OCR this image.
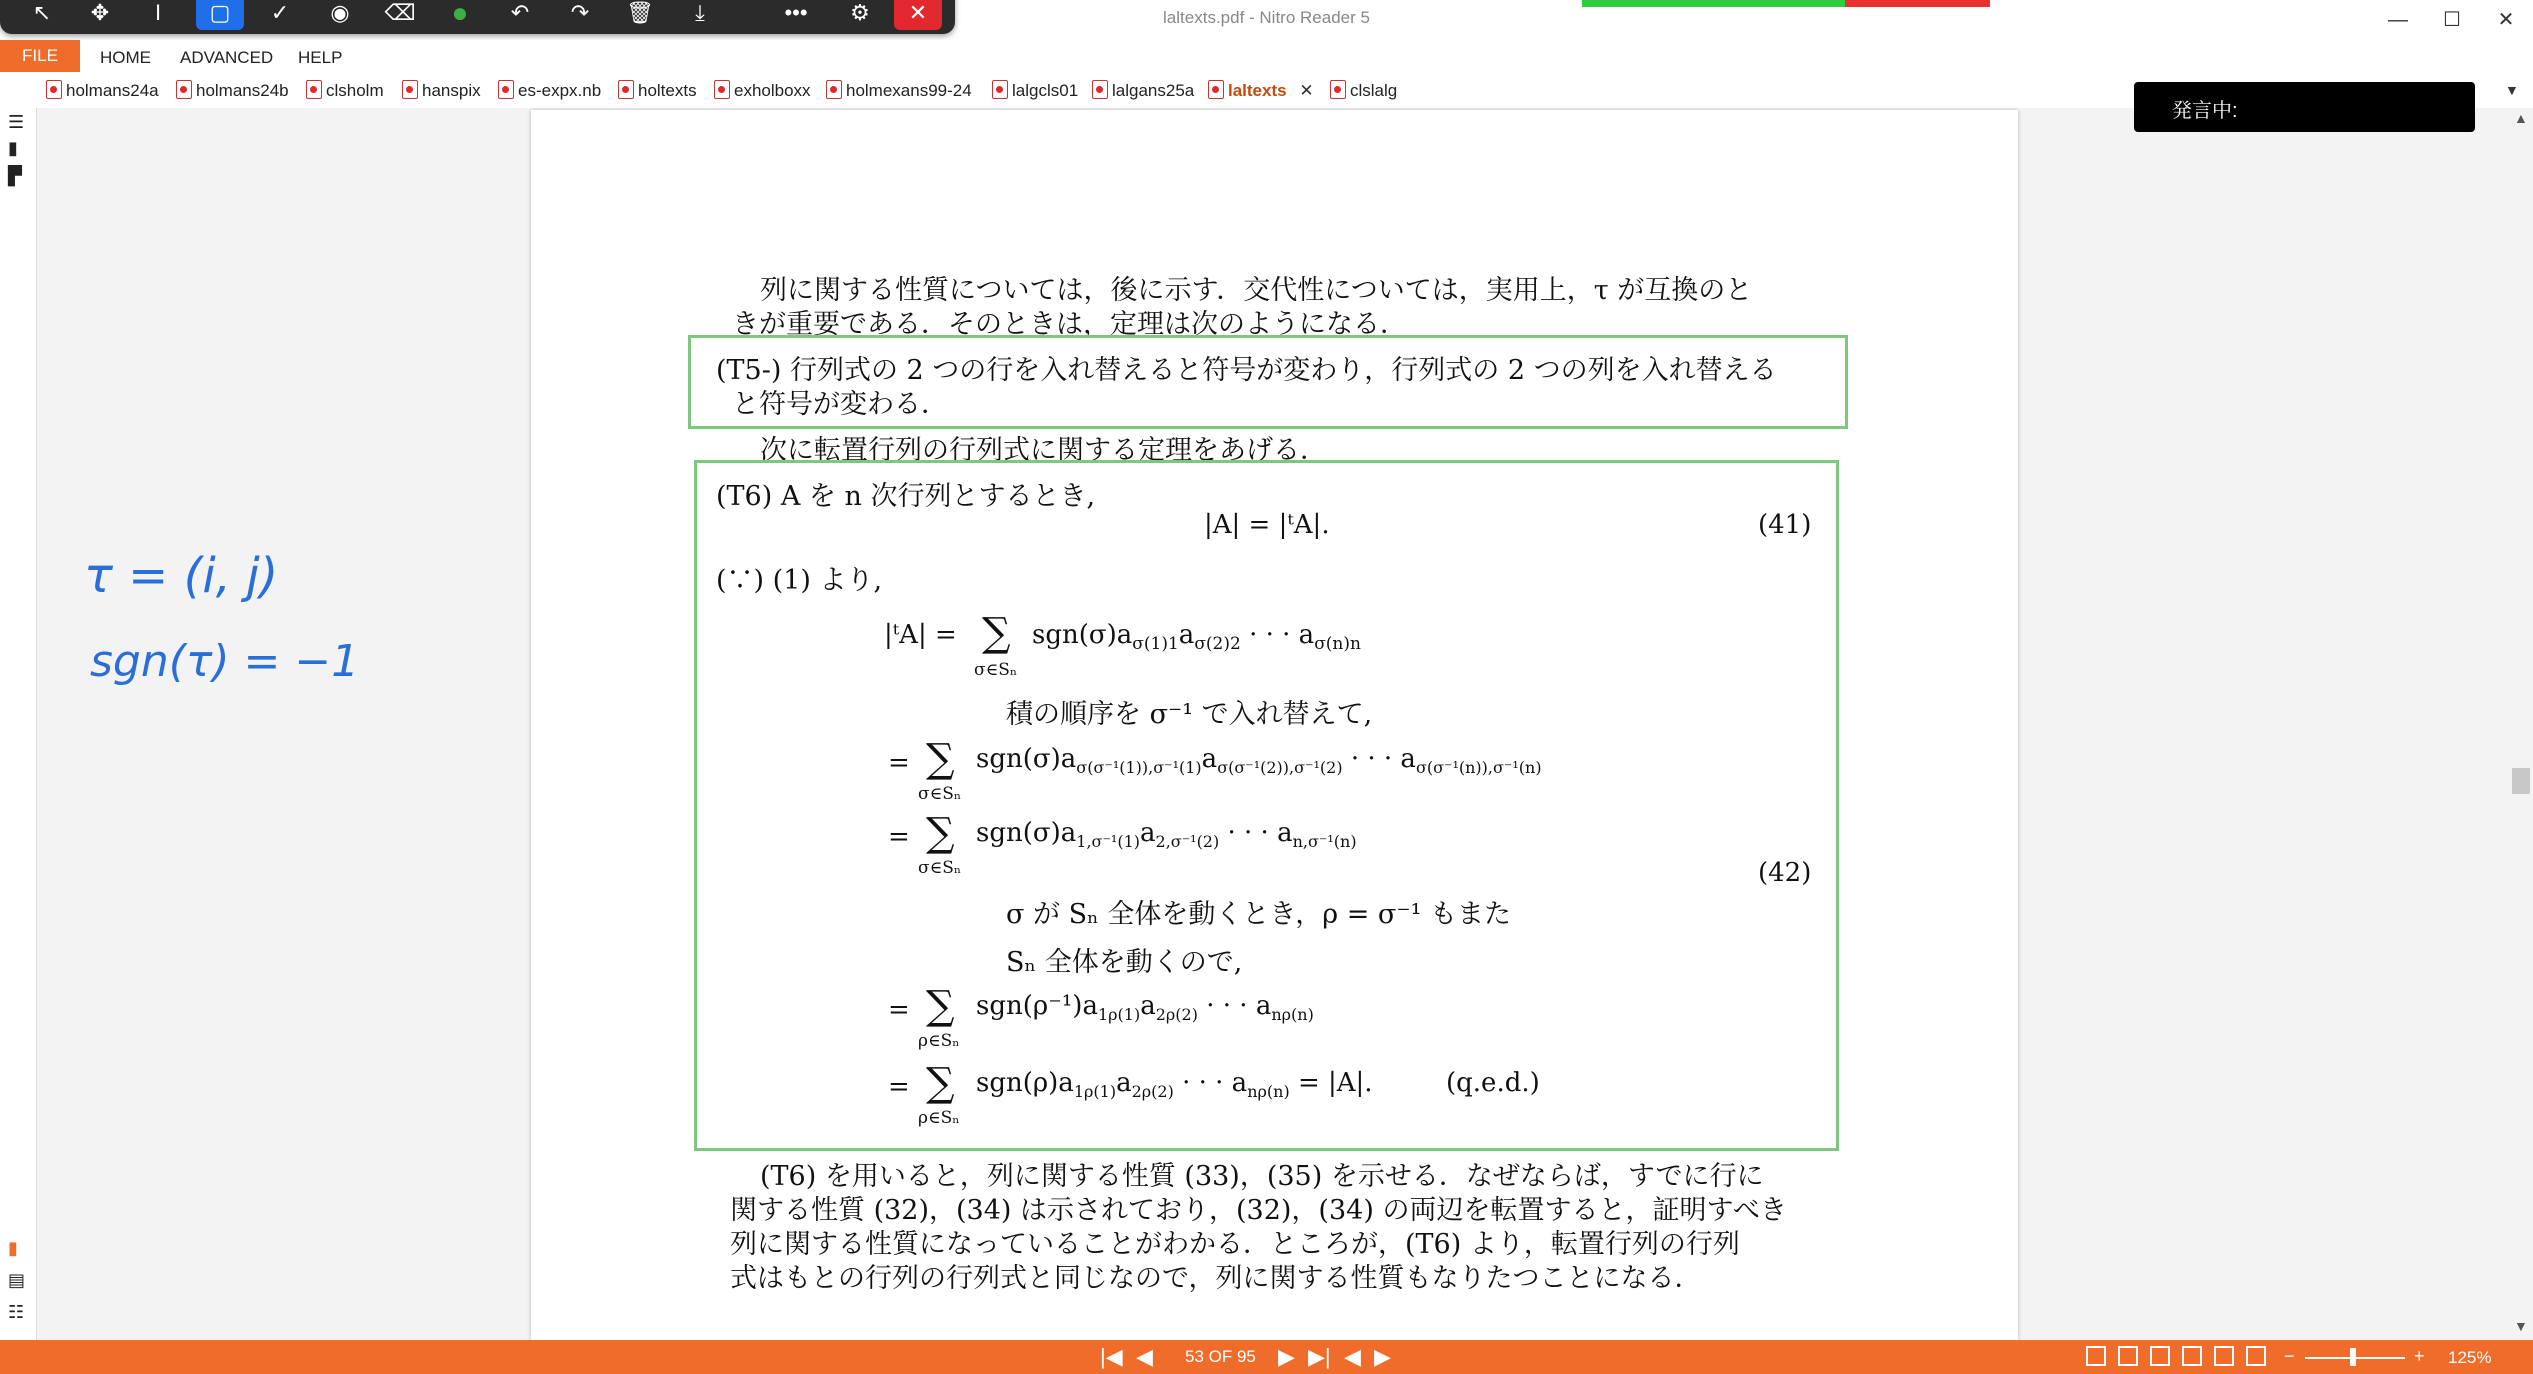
laltexts.pdf - Nitro Reader 5	—	☐	✕
↖	✥	I	▢	✓	◉	⌫	●	↶	↷	🗑	⤓	•••	⚙	✕
FILE	HOME ADVANCED HELP
holmans24a	holmans24b	clsholm	hanspix	es-expx.nb	holtexts	exholboxx	holmexans99-24	lalgcls01	lalgans25a	laltexts ✕	clslalg	▼
☰
▮
▛
▮
▤
☷
▲
▼
発言中:
列に関する性質については，後に示す．交代性については，実用上，τ が互換のと
きが重要である．そのときは，定理は次のようになる．
(T5-) 行列式の 2 つの行を入れ替えると符号が変わり，行列式の 2 つの列を入れ替える
と符号が変わる．
次に転置行列の行列式に関する定理をあげる．
(T6) A を n 次行列とするとき,
|A| = |ᵗA|.	(41)
(∵) (1) より,
|ᵗA| = ∑
σ∈Sₙ
$sgn(\sigma)a_{\sigma(1)1}a_{\sigma(2)2}$ · · · $a_{\sigma(n)n}$
積の順序を σ⁻¹ で入れ替えて,
= ∑
σ∈Sₙ
$sgn(\sigma)a_{\sigma(\sigma^{-1}(1)),\sigma^{-1}(1)}a_{\sigma(\sigma^{-1}(2)),\sigma^{-1}(2)}$ · · · $a_{\sigma(\sigma^{-1}(n)),\sigma^{-1}(n)}$
= ∑
σ∈Sₙ
$sgn(\sigma)a_{1,\sigma^{-1}(1)}a_{2,\sigma^{-1}(2)}$ · · · $a_{n,\sigma^{-1}(n)}$
(42)
σ が Sₙ 全体を動くとき，ρ = σ⁻¹ もまた
Sₙ 全体を動くので,
= ∑
ρ∈Sₙ
$sgn(\rho^{-1})a_{1\rho(1)}a_{2\rho(2)}$ · · · $a_{n\rho(n)}$
= ∑
ρ∈Sₙ
$sgn(\rho)a_{1\rho(1)}a_{2\rho(2)}$ · · · $a_{n\rho(n)} = |A|$.	(q.e.d.)
(T6) を用いると，列に関する性質 (33)，(35) を示せる．なぜならば，すでに行に
関する性質 (32)，(34) は示されており，(32)，(34) の両辺を転置すると，証明すべき
列に関する性質になっていることがわかる．ところが，(T6) より，転置行列の行列
式はもとの行列の行列式と同じなので，列に関する性質もなりたつことになる．
τ = (i, j)
sgn(τ) = −1
|◀ ◀ 53 OF 95 ▶ ▶| ◀ ▶	−	+ 125%
